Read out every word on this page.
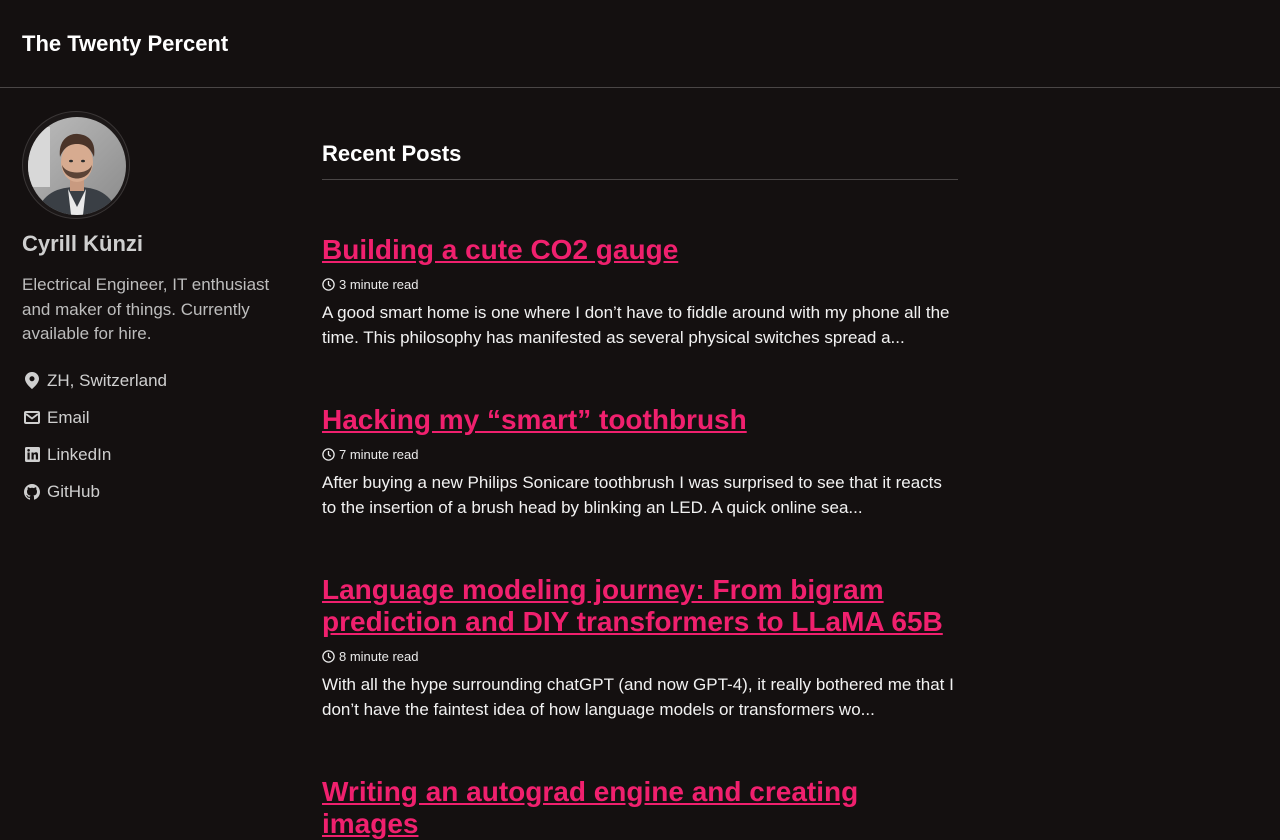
The Twenty Percent
Cyrill Künzi
Electrical Engineer, IT enthusiast and maker of things. Currently available for hire.
ZH, Switzerland
Email
LinkedIn
GitHub
Recent Posts
Building a cute CO2 gauge
3 minute read
A good smart home is one where I don’t have to fiddle around with my phone all the time. This philosophy has manifested as several physical switches spread a...
Hacking my “smart” toothbrush
7 minute read
After buying a new Philips Sonicare toothbrush I was surprised to see that it reacts to the insertion of a brush head by blinking an LED. A quick online sea...
Language modeling journey: From bigram prediction and DIY transformers to LLaMA 65B
8 minute read
With all the hype surrounding chatGPT (and now GPT-4), it really bothered me that I don’t have the faintest idea of how language models or transformers wo...
Writing an autograd engine and creating images
